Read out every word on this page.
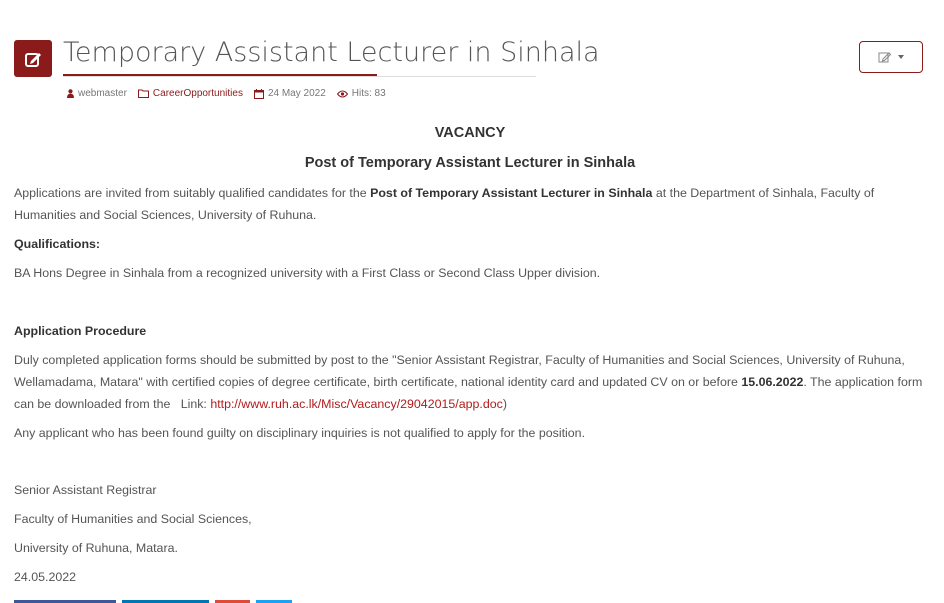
Temporary Assistant Lecturer in Sinhala
webmaster	CareerOpportunities	24 May 2022	Hits: 83

VACANCY

Post of Temporary Assistant Lecturer in Sinhala

Applications are invited from suitably qualified candidates for the Post of Temporary Assistant Lecturer in Sinhala at the Department of Sinhala, Faculty of Humanities and Social Sciences, University of Ruhuna.

Qualifications:

BA Hons Degree in Sinhala from a recognized university with a First Class or Second Class Upper division.

Application Procedure

Duly completed application forms should be submitted by post to the "Senior Assistant Registrar, Faculty of Humanities and Social Sciences, University of Ruhuna, Wellamadama, Matara" with certified copies of degree certificate, birth certificate, national identity card and updated CV on or before 15.06.2022. The application form can be downloaded from the   Link: http://www.ruh.ac.lk/Misc/Vacancy/29042015/app.doc)

Any applicant who has been found guilty on disciplinary inquiries is not qualified to apply for the position.

Senior Assistant Registrar

Faculty of Humanities and Social Sciences,

University of Ruhuna, Matara.

24.05.2022
